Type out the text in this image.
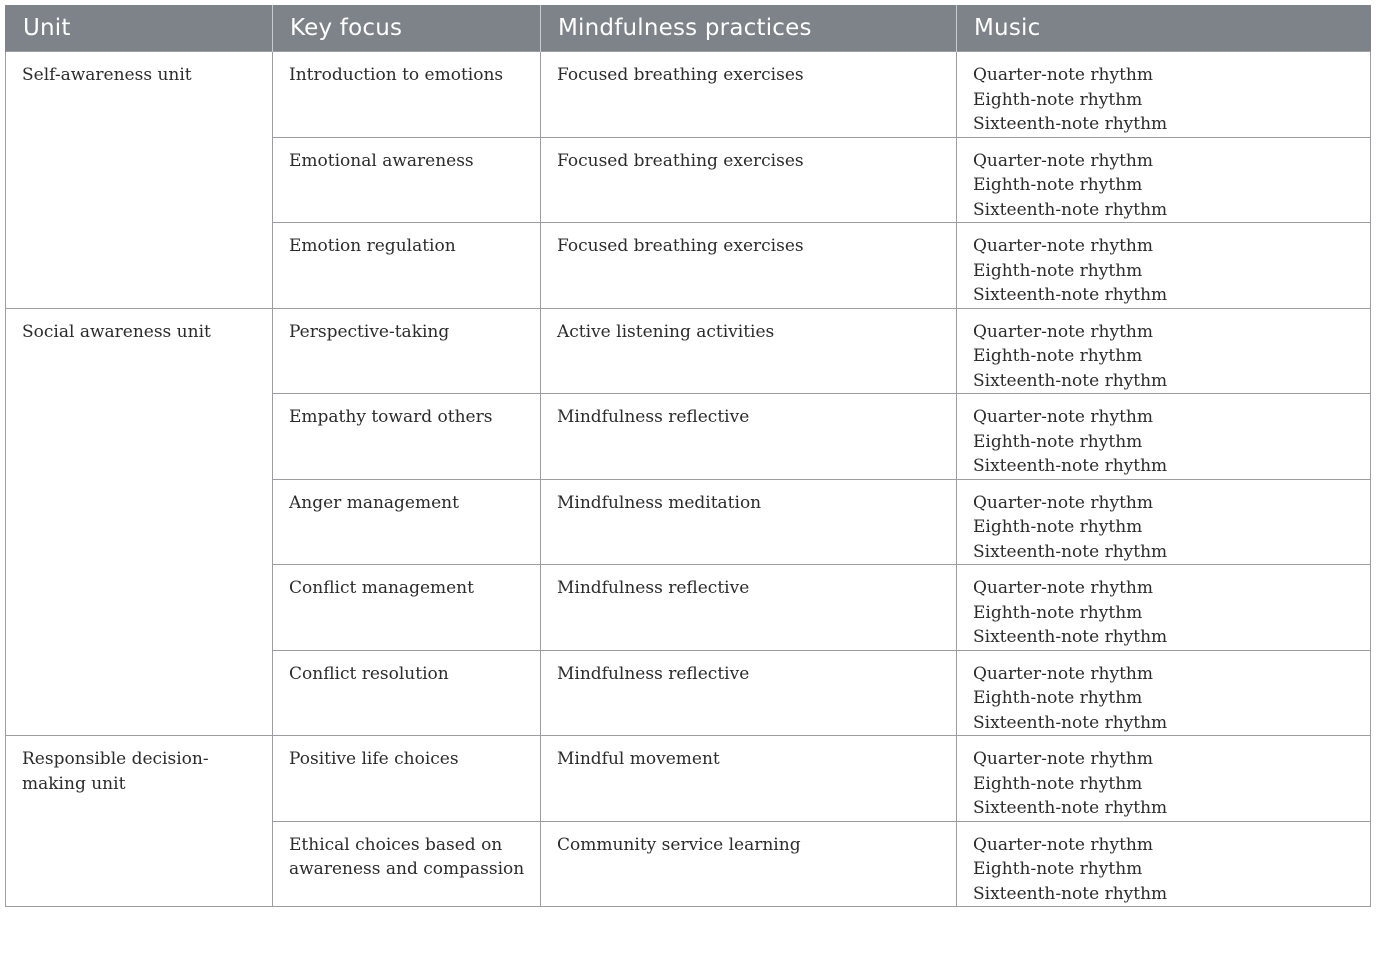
Unit	Key focus	Mindfulness practices	Music
Self-awareness unit	Introduction to emotions	Focused breathing exercises	Quarter-note rhythm
Eighth-note rhythm
Sixteenth-note rhythm

	Emotional awareness	Focused breathing exercises	Quarter-note rhythm
Eighth-note rhythm
Sixteenth-note rhythm

	Emotion regulation	Focused breathing exercises	Quarter-note rhythm
Eighth-note rhythm
Sixteenth-note rhythm

Social awareness unit	Perspective-taking	Active listening activities	Quarter-note rhythm
Eighth-note rhythm
Sixteenth-note rhythm

	Empathy toward others	Mindfulness reflective	Quarter-note rhythm
Eighth-note rhythm
Sixteenth-note rhythm

	Anger management	Mindfulness meditation	Quarter-note rhythm
Eighth-note rhythm
Sixteenth-note rhythm

	Conflict management	Mindfulness reflective	Quarter-note rhythm
Eighth-note rhythm
Sixteenth-note rhythm

	Conflict resolution	Mindfulness reflective	Quarter-note rhythm
Eighth-note rhythm
Sixteenth-note rhythm

Responsible decision-making unit	Positive life choices	Mindful movement	Quarter-note rhythm
Eighth-note rhythm
Sixteenth-note rhythm

	Ethical choices based on awareness and compassion	Community service learning	Quarter-note rhythm
Eighth-note rhythm
Sixteenth-note rhythm
